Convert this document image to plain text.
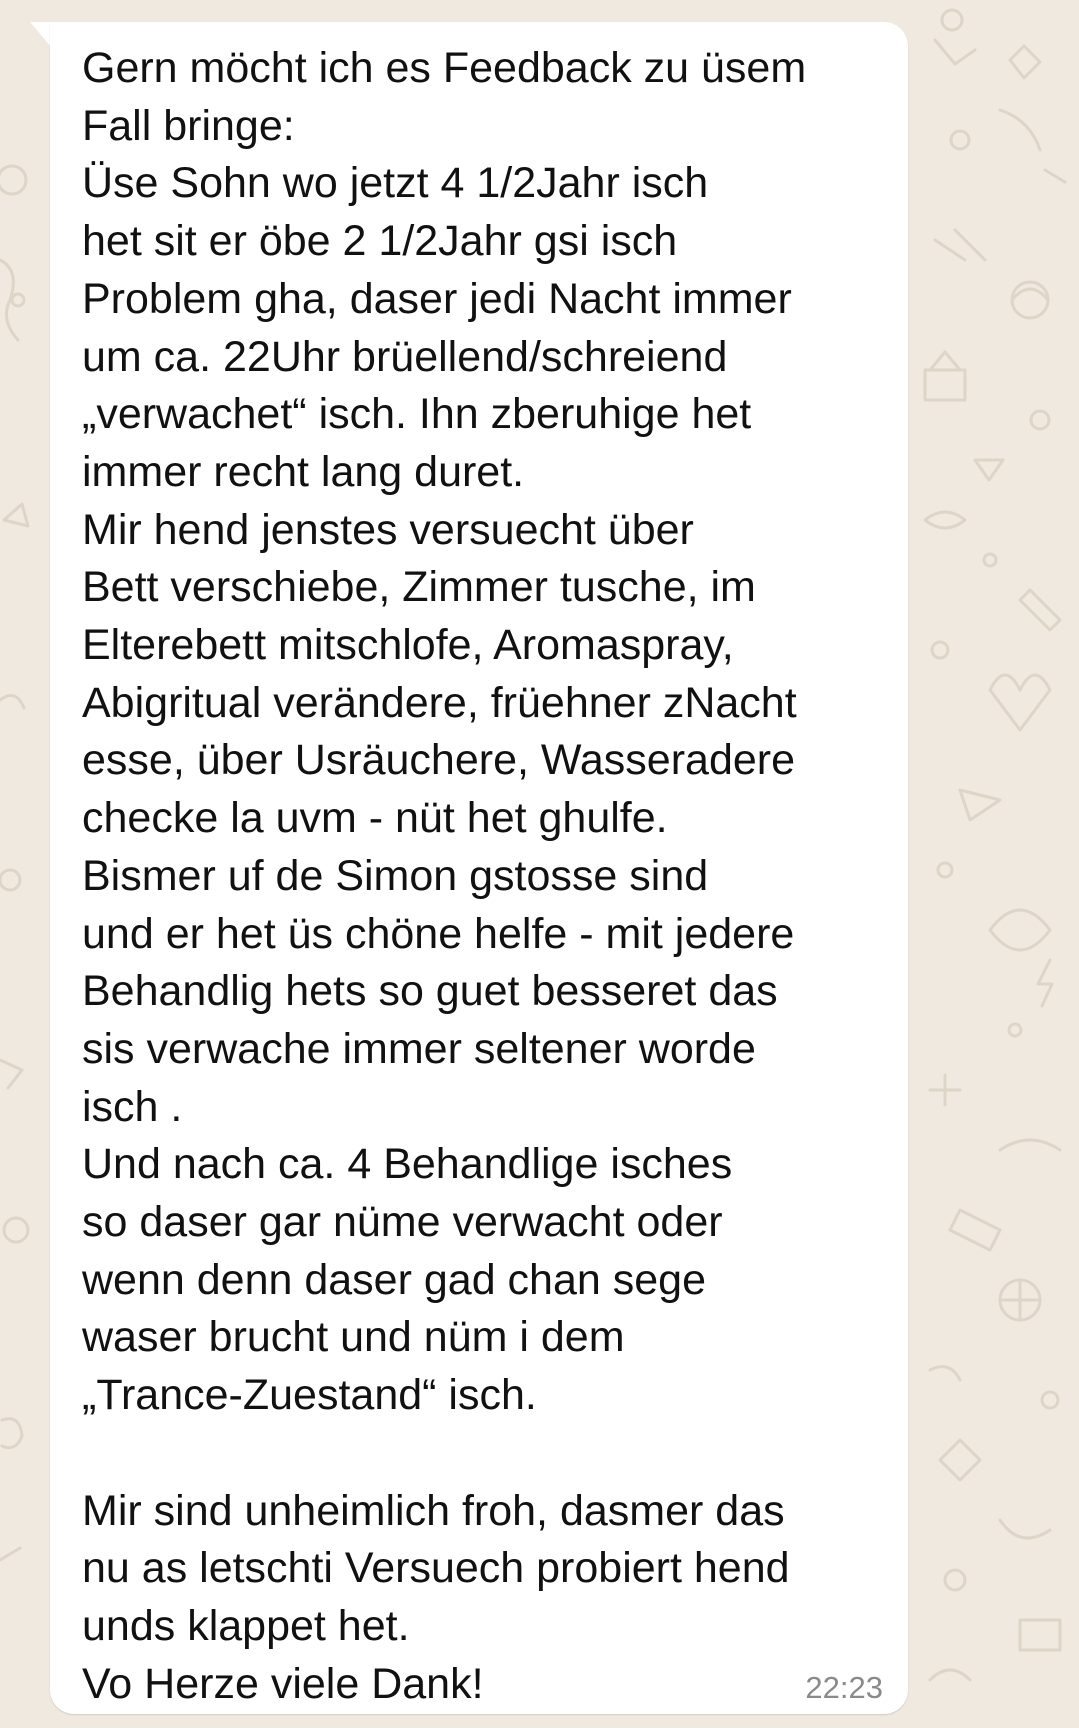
Gern möcht ich es Feedback zu üsem
Fall bringe:
Üse Sohn wo jetzt 4 1/2Jahr isch
het sit er öbe 2 1/2Jahr gsi isch
Problem gha, daser jedi Nacht immer
um ca. 22Uhr brüellend/schreiend
„verwachet“ isch. Ihn zberuhige het
immer recht lang duret.
Mir hend jenstes versuecht über
Bett verschiebe, Zimmer tusche, im
Elterebett mitschlofe, Aromaspray,
Abigritual verändere, früehner zNacht
esse, über Usräuchere, Wasseradere
checke la uvm - nüt het ghulfe.
Bismer uf de Simon gstosse sind
und er het üs chöne helfe - mit jedere
Behandlig hets so guet besseret das
sis verwache immer seltener worde
isch .
Und nach ca. 4 Behandlige isches
so daser gar nüme verwacht oder
wenn denn daser gad chan sege
waser brucht und nüm i dem
„Trance-Zuestand“ isch.

Mir sind unheimlich froh, dasmer das
nu as letschti Versuech probiert hend
unds klappet het.
Vo Herze viele Dank!	22:23
